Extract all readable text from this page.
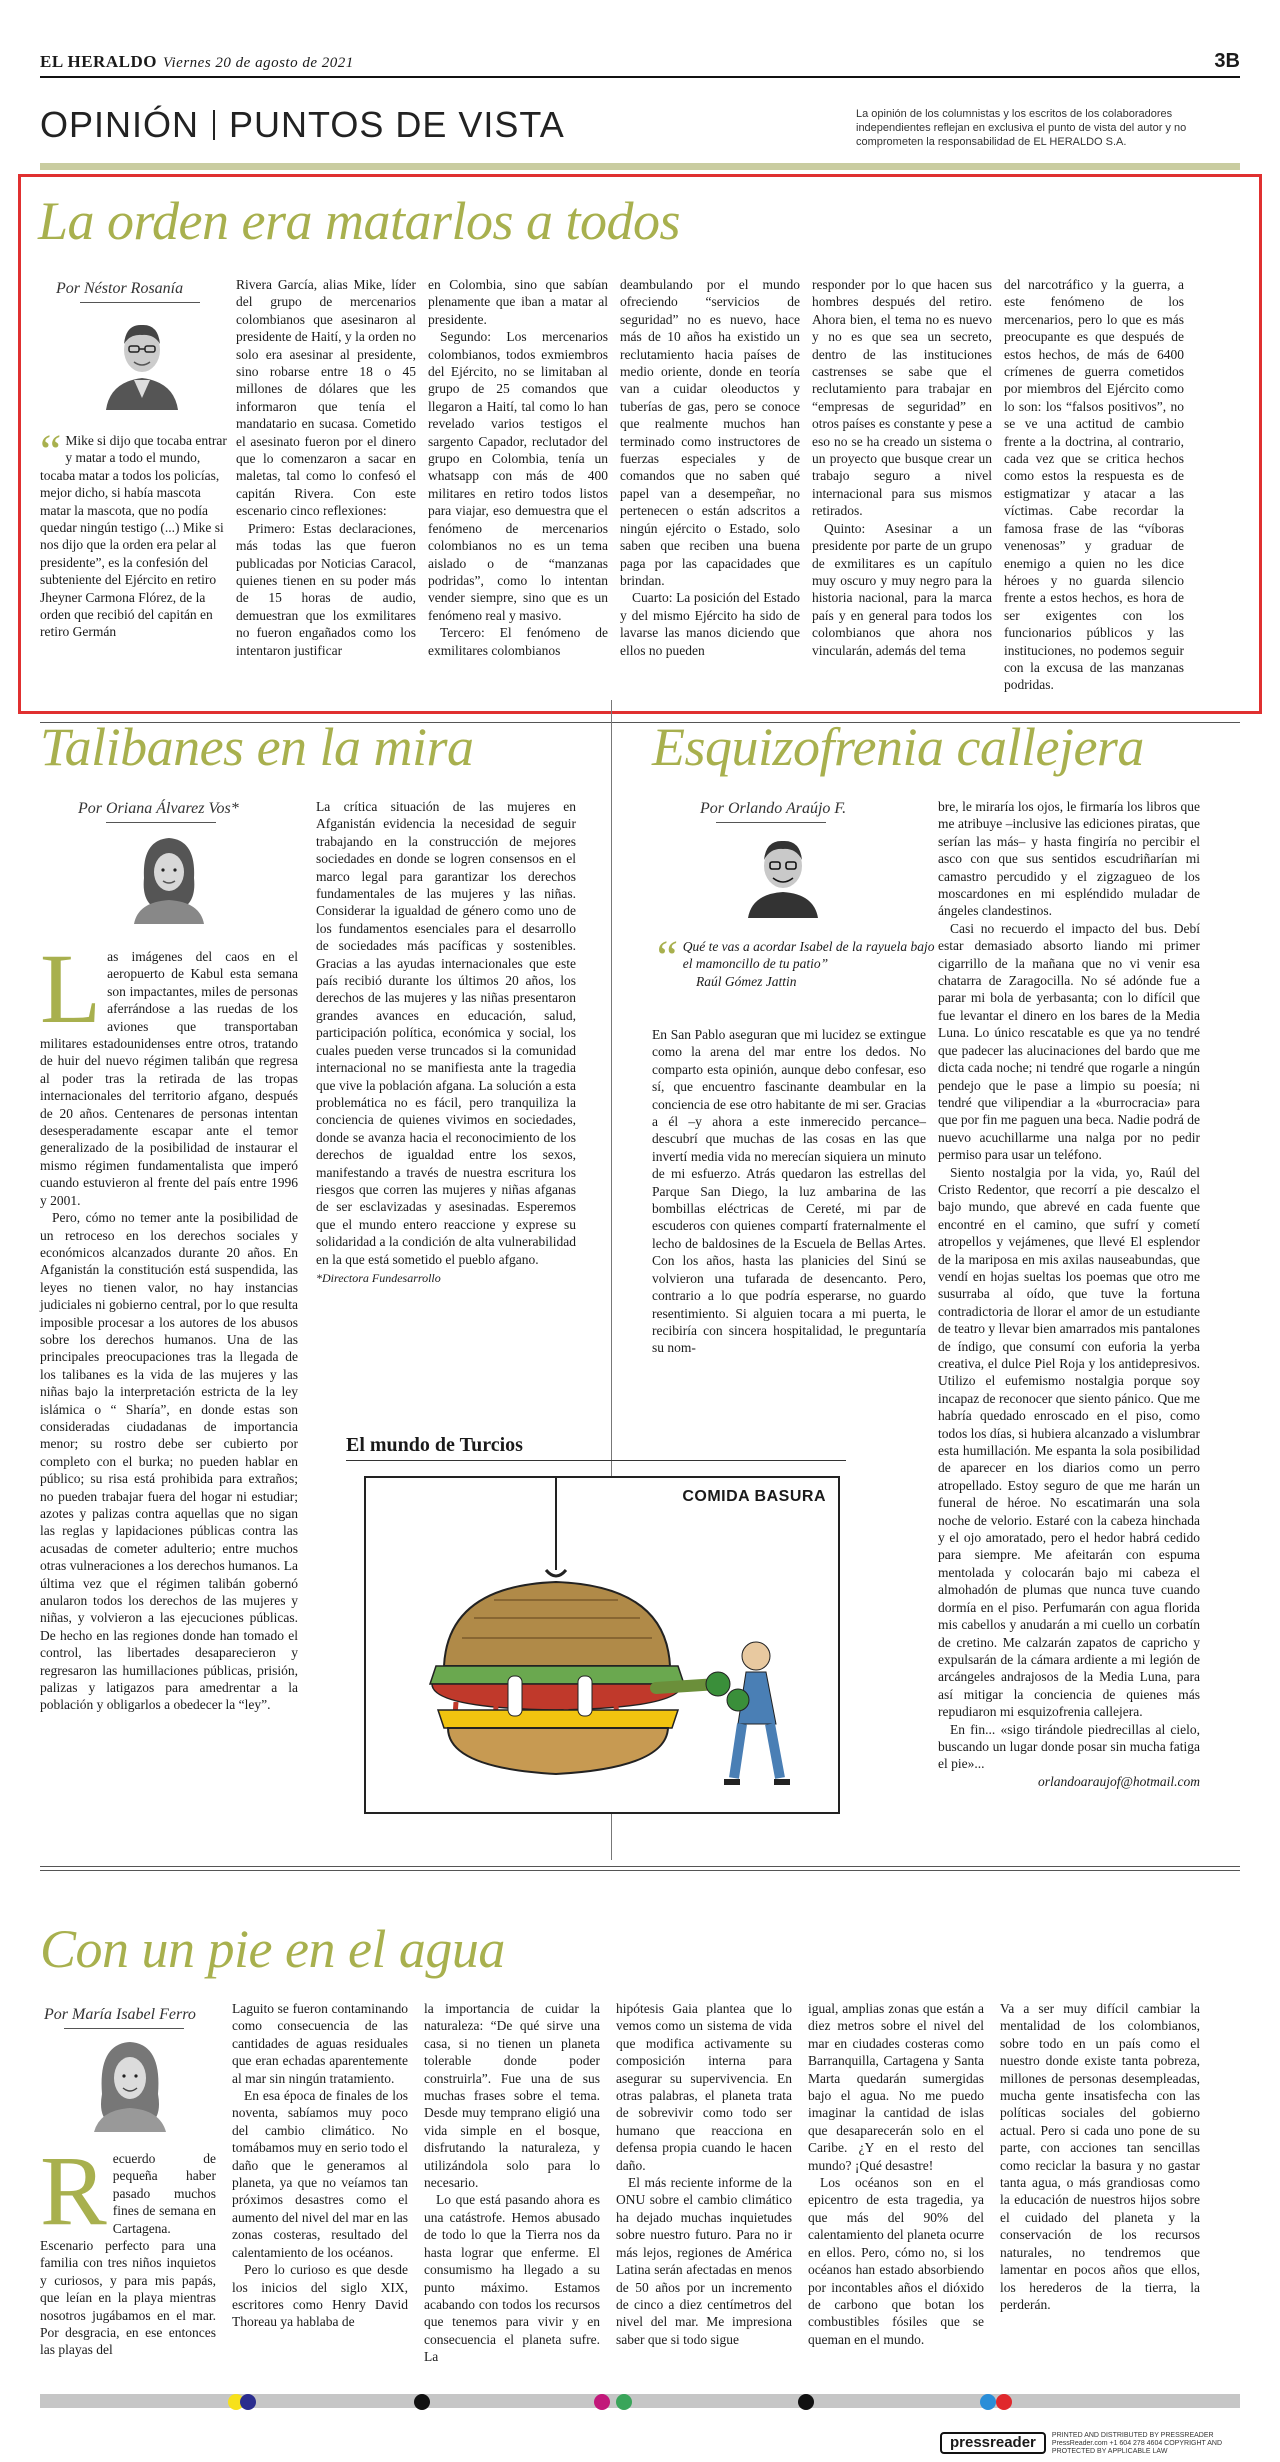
EL HERALDO Viernes 20 de agosto de 2021	3B
OPINIÓN PUNTOS DE VISTA	La opinión de los columnistas y los escritos de los colaboradores independientes reflejan en exclusiva el punto de vista del autor y no comprometen la responsabilidad de EL HERALDO S.A.
La orden era matarlos a todos
Por Néstor Rosanía
“ Mike si dijo que tocaba entrar y matar a todo el mundo, tocaba matar a todos los policías, mejor dicho, si había mascota matar la mascota, que no podía quedar ningún testigo (...) Mike si nos dijo que la orden era pelar al presidente”, es la confesión del subteniente del Ejército en retiro Jheyner Carmona Flórez, de la orden que recibió del capitán en retiro Germán

Rivera García, alias Mike, líder del grupo de mercenarios colombianos que asesinaron al presidente de Haití, y la orden no solo era asesinar al presidente, sino robarse entre 18 o 45 millones de dólares que les informaron que tenía el mandatario en sucasa. Cometido el asesinato fueron por el dinero que lo comenzaron a sacar en maletas, tal como lo confesó el capitán Rivera. Con este escenario cinco reflexiones:

Primero: Estas declaraciones, más todas las que fueron publicadas por Noticias Caracol, quienes tienen en su poder más de 15 horas de audio, demuestran que los exmilitares no fueron engañados como los intentaron justificar

en Colombia, sino que sabían plenamente que iban a matar al presidente.

Segundo: Los mercenarios colombianos, todos exmiembros del Ejército, no se limitaban al grupo de 25 comandos que llegaron a Haití, tal como lo han revelado varios testigos el sargento Capador, reclutador del grupo en Colombia, tenía un whatsapp con más de 400 militares en retiro todos listos para viajar, eso demuestra que el fenómeno de mercenarios colombianos no es un tema aislado o de “manzanas podridas”, como lo intentan vender siempre, sino que es un fenómeno real y masivo.

Tercero: El fenómeno de exmilitares colombianos

deambulando por el mundo ofreciendo “servicios de seguridad” no es nuevo, hace más de 10 años ha existido un reclutamiento hacia países de medio oriente, donde en teoría van a cuidar oleoductos y tuberías de gas, pero se conoce que realmente muchos han terminado como instructores de fuerzas especiales y de comandos que no saben qué papel van a desempeñar, no pertenecen o están adscritos a ningún ejército o Estado, solo saben que reciben una buena paga por las capacidades que brindan.

Cuarto: La posición del Estado y del mismo Ejército ha sido de lavarse las manos diciendo que ellos no pueden

responder por lo que hacen sus hombres después del retiro. Ahora bien, el tema no es nuevo y no es que sea un secreto, dentro de las instituciones castrenses se sabe que el reclutamiento para trabajar en “empresas de seguridad” en otros países es constante y pese a eso no se ha creado un sistema o un proyecto que busque crear un trabajo seguro a nivel internacional para sus mismos retirados.

Quinto: Asesinar a un presidente por parte de un grupo de exmilitares es un capítulo muy oscuro y muy negro para la historia nacional, para la marca país y en general para todos los colombianos que ahora nos vincularán, además del tema

del narcotráfico y la guerra, a este fenómeno de los mercenarios, pero lo que es más preocupante es que después de estos hechos, de más de 6400 crímenes de guerra cometidos por miembros del Ejército como lo son: los “falsos positivos”, no se ve una actitud de cambio frente a la doctrina, al contrario, cada vez que se critica hechos como estos la respuesta es de estigmatizar y atacar a las víctimas. Cabe recordar la famosa frase de las “víboras venenosas” y graduar de enemigo a quien no les dice héroes y no guarda silencio frente a estos hechos, es hora de ser exigentes con los funcionarios públicos y las instituciones, no podemos seguir con la excusa de las manzanas podridas.

Talibanes en la mira
Por Oriana Álvarez Vos*
L as imágenes del caos en el aeropuerto de Kabul esta semana son impactantes, miles de personas aferrándose a las ruedas de los aviones que transportaban militares estadounidenses entre otros, tratando de huir del nuevo régimen talibán que regresa al poder tras la retirada de las tropas internacionales del territorio afgano, después de 20 años. Centenares de personas intentan desesperadamente escapar ante el temor generalizado de la posibilidad de instaurar el mismo régimen fundamentalista que imperó cuando estuvieron al frente del país entre 1996 y 2001.

Pero, cómo no temer ante la posibilidad de un retroceso en los derechos sociales y económicos alcanzados durante 20 años. En Afganistán la constitución está suspendida, las leyes no tienen valor, no hay instancias judiciales ni gobierno central, por lo que resulta imposible procesar a los autores de los abusos sobre los derechos humanos. Una de las principales preocupaciones tras la llegada de los talibanes es la vida de las mujeres y las niñas bajo la interpretación estricta de la ley islámica o “ Sharía”, en donde estas son consideradas ciudadanas de importancia menor; su rostro debe ser cubierto por completo con el burka; no pueden hablar en público; su risa está prohibida para extraños; no pueden trabajar fuera del hogar ni estudiar; azotes y palizas contra aquellas que no sigan las reglas y lapidaciones públicas contra las acusadas de cometer adulterio; entre muchos otras vulneraciones a los derechos humanos. La última vez que el régimen talibán gobernó anularon todos los derechos de las mujeres y niñas, y volvieron a las ejecuciones públicas. De hecho en las regiones donde han tomado el control, las libertades desaparecieron y regresaron las humillaciones públicas, prisión, palizas y latigazos para amedrentar a la población y obligarlos a obedecer la “ley”.

La crítica situación de las mujeres en Afganistán evidencia la necesidad de seguir trabajando en la construcción de mejores sociedades en donde se logren consensos en el marco legal para garantizar los derechos fundamentales de las mujeres y las niñas. Considerar la igualdad de género como uno de los fundamentos esenciales para el desarrollo de sociedades más pacíficas y sostenibles. Gracias a las ayudas internacionales que este país recibió durante los últimos 20 años, los derechos de las mujeres y las niñas presentaron grandes avances en educación, salud, participación política, económica y social, los cuales pueden verse truncados si la comunidad internacional no se manifiesta ante la tragedia que vive la población afgana. La solución a esta problemática no es fácil, pero tranquiliza la conciencia de quienes vivimos en sociedades, donde se avanza hacia el reconocimiento de los derechos de igualdad entre los sexos, manifestando a través de nuestra escritura los riesgos que corren las mujeres y niñas afganas de ser esclavizadas y asesinadas. Esperemos que el mundo entero reaccione y exprese su solidaridad a la condición de alta vulnerabilidad en la que está sometido el pueblo afgano.

*Directora Fundesarrollo

El mundo de Turcios
COMIDA BASURA
Esquizofrenia callejera
Por Orlando Araújo F.
“ Qué te vas a acordar Isabel de la rayuela bajo el mamoncillo de tu patio”
Raúl Gómez Jattin

En San Pablo aseguran que mi lucidez se extingue como la arena del mar entre los dedos. No comparto esta opinión, aunque debo confesar, eso sí, que encuentro fascinante deambular en la conciencia de ese otro habitante de mi ser. Gracias a él –y ahora a este inmerecido percance– descubrí que muchas de las cosas en las que invertí media vida no merecían siquiera un minuto de mi esfuerzo. Atrás quedaron las estrellas del Parque San Diego, la luz ambarina de las bombillas eléctricas de Cereté, mi par de escuderos con quienes compartí fraternalmente el lecho de baldosines de la Escuela de Bellas Artes. Con los años, hasta las planicies del Sinú se volvieron una tufarada de desencanto. Pero, contrario a lo que podría esperarse, no guardo resentimiento. Si alguien tocara a mi puerta, le recibiría con sincera hospitalidad, le preguntaría su nom-

bre, le miraría los ojos, le firmaría los libros que me atribuye –inclusive las ediciones piratas, que serían las más– y hasta fingiría no percibir el asco con que sus sentidos escudriñarían mi camastro percudido y el zigzagueo de los moscardones en mi espléndido muladar de ángeles clandestinos.

Casi no recuerdo el impacto del bus. Debí estar demasiado absorto liando mi primer cigarrillo de la mañana que no vi venir esa chatarra de Zaragocilla. No sé adónde fue a parar mi bola de yerbasanta; con lo difícil que fue levantar el dinero en los bares de la Media Luna. Lo único rescatable es que ya no tendré que padecer las alucinaciones del bardo que me dicta cada noche; ni tendré que rogarle a ningún pendejo que le pase a limpio su poesía; ni tendré que vilipendiar a la «burrocracia» para que por fin me paguen una beca. Nadie podrá de nuevo acuchillarme una nalga por no pedir permiso para usar un teléfono.

Siento nostalgia por la vida, yo, Raúl del Cristo Redentor, que recorrí a pie descalzo el bajo mundo, que abrevé en cada fuente que encontré en el camino, que sufrí y cometí atropellos y vejámenes, que llevé El esplendor de la mariposa en mis axilas nauseabundas, que vendí en hojas sueltas los poemas que otro me susurraba al oído, que tuve la fortuna contradictoria de llorar el amor de un estudiante de teatro y llevar bien amarrados mis pantalones de índigo, que consumí con euforia la yerba creativa, el dulce Piel Roja y los antidepresivos. Utilizo el eufemismo nostalgia porque soy incapaz de reconocer que siento pánico. Que me habría quedado enroscado en el piso, como todos los días, si hubiera alcanzado a vislumbrar esta humillación. Me espanta la sola posibilidad de aparecer en los diarios como un perro atropellado. Estoy seguro de que me harán un funeral de héroe. No escatimarán una sola noche de velorio. Estaré con la cabeza hinchada y el ojo amoratado, pero el hedor habrá cedido para siempre. Me afeitarán con espuma mentolada y colocarán bajo mi cabeza el almohadón de plumas que nunca tuve cuando dormía en el piso. Perfumarán con agua florida mis cabellos y anudarán a mi cuello un corbatín de cretino. Me calzarán zapatos de capricho y expulsarán de la cámara ardiente a mi legión de arcángeles andrajosos de la Media Luna, para así mitigar la conciencia de quienes más repudiaron mi esquizofrenia callejera.

En fin... «sigo tirándole piedrecillas al cielo, buscando un lugar donde posar sin mucha fatiga el pie»...

orlandoaraujof@hotmail.com

Con un pie en el agua
Por María Isabel Ferro
R ecuerdo de pequeña haber pasado muchos fines de semana en Cartagena. Escenario perfecto para una familia con tres niños inquietos y curiosos, y para mis papás, que leían en la playa mientras nosotros jugábamos en el mar. Por desgracia, en ese entonces las playas del

Laguito se fueron contaminando como consecuencia de las cantidades de aguas residuales que eran echadas aparentemente al mar sin ningún tratamiento.

En esa época de finales de los noventa, sabíamos muy poco del cambio climático. No tomábamos muy en serio todo el daño que le generamos al planeta, ya que no veíamos tan próximos desastres como el aumento del nivel del mar en las zonas costeras, resultado del calentamiento de los océanos.

Pero lo curioso es que desde los inicios del siglo XIX, escritores como Henry David Thoreau ya hablaba de

la importancia de cuidar la naturaleza: “De qué sirve una casa, si no tienen un planeta tolerable donde poder construirla”. Fue una de sus muchas frases sobre el tema. Desde muy temprano eligió una vida simple en el bosque, disfrutando la naturaleza, y utilizándola solo para lo necesario.

Lo que está pasando ahora es una catástrofe. Hemos abusado de todo lo que la Tierra nos da hasta lograr que enferme. El consumismo ha llegado a su punto máximo. Estamos acabando con todos los recursos que tenemos para vivir y en consecuencia el planeta sufre. La

hipótesis Gaia plantea que lo vemos como un sistema de vida que modifica activamente su composición interna para asegurar su supervivencia. En otras palabras, el planeta trata de sobrevivir como todo ser humano que reacciona en defensa propia cuando le hacen daño.

El más reciente informe de la ONU sobre el cambio climático ha dejado muchas inquietudes sobre nuestro futuro. Para no ir más lejos, regiones de América Latina serán afectadas en menos de 50 años por un incremento de cinco a diez centímetros del nivel del mar. Me impresiona saber que si todo sigue

igual, amplias zonas que están a diez metros sobre el nivel del mar en ciudades costeras como Barranquilla, Cartagena y Santa Marta quedarán sumergidas bajo el agua. No me puedo imaginar la cantidad de islas que desaparecerán solo en el Caribe. ¿Y en el resto del mundo? ¡Qué desastre!

Los océanos son en el epicentro de esta tragedia, ya que más del 90% del calentamiento del planeta ocurre en ellos. Pero, cómo no, si los océanos han estado absorbiendo por incontables años el dióxido de carbono que botan los combustibles fósiles que se queman en el mundo.

Va a ser muy difícil cambiar la mentalidad de los colombianos, sobre todo en un país como el nuestro donde existe tanta pobreza, millones de personas desempleadas, mucha gente insatisfecha con las políticas sociales del gobierno actual. Pero si cada uno pone de su parte, con acciones tan sencillas como reciclar la basura y no gastar tanta agua, o más grandiosas como la educación de nuestros hijos sobre el cuidado del planeta y la conservación de los recursos naturales, no tendremos que lamentar en pocos años que ellos, los herederos de la tierra, la perderán.

pressreader PRINTED AND DISTRIBUTED BY PRESSREADER PressReader.com +1 604 278 4604 COPYRIGHT AND PROTECTED BY APPLICABLE LAW
